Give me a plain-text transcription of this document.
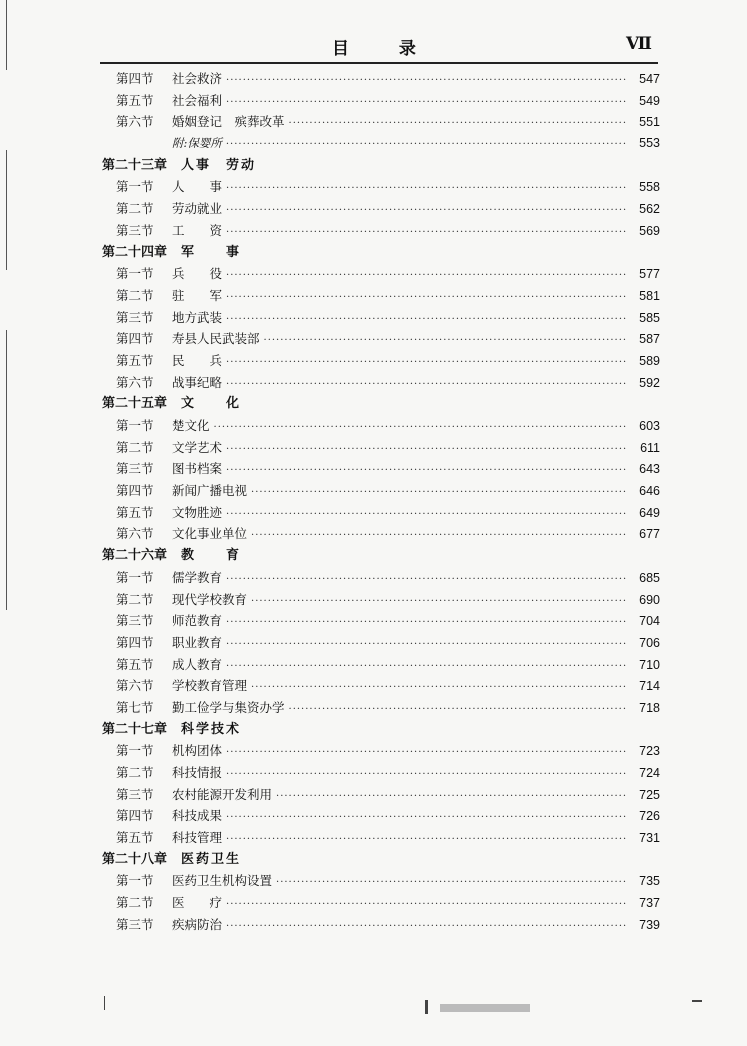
目 录	Ⅶ
第四节	社会救济 ·····	547
第五节	社会福利 ·····	549
第六节	婚姻登记　殡葬改革 ·····	551
附:保婴所 ·····	553
第二十三章 人事　劳动
第一节	人　　事 ·····	558
第二节	劳动就业 ·····	562
第三节	工　　资 ·····	569
第二十四章 军　　事
第一节	兵　　役 ·····	577
第二节	驻　　军 ·····	581
第三节	地方武装 ·····	585
第四节	寿县人民武装部 ·····	587
第五节	民　　兵 ·····	589
第六节	战事纪略 ·····	592
第二十五章 文　　化
第一节	楚文化 ·····	603
第二节	文学艺术 ·····	611
第三节	图书档案 ·····	643
第四节	新闻广播电视 ·····	646
第五节	文物胜迹 ·····	649
第六节	文化事业单位 ·····	677
第二十六章 教　　育
第一节	儒学教育 ·····	685
第二节	现代学校教育 ·····	690
第三节	师范教育 ·····	704
第四节	职业教育 ·····	706
第五节	成人教育 ·····	710
第六节	学校教育管理 ·····	714
第七节	勤工俭学与集资办学 ·····	718
第二十七章 科学技术
第一节	机构团体 ·····	723
第二节	科技情报 ·····	724
第三节	农村能源开发利用 ·····	725
第四节	科技成果 ·····	726
第五节	科技管理 ·····	731
第二十八章 医药卫生
第一节	医药卫生机构设置 ·····	735
第二节	医　　疗 ·····	737
第三节	疾病防治 ·····	739
